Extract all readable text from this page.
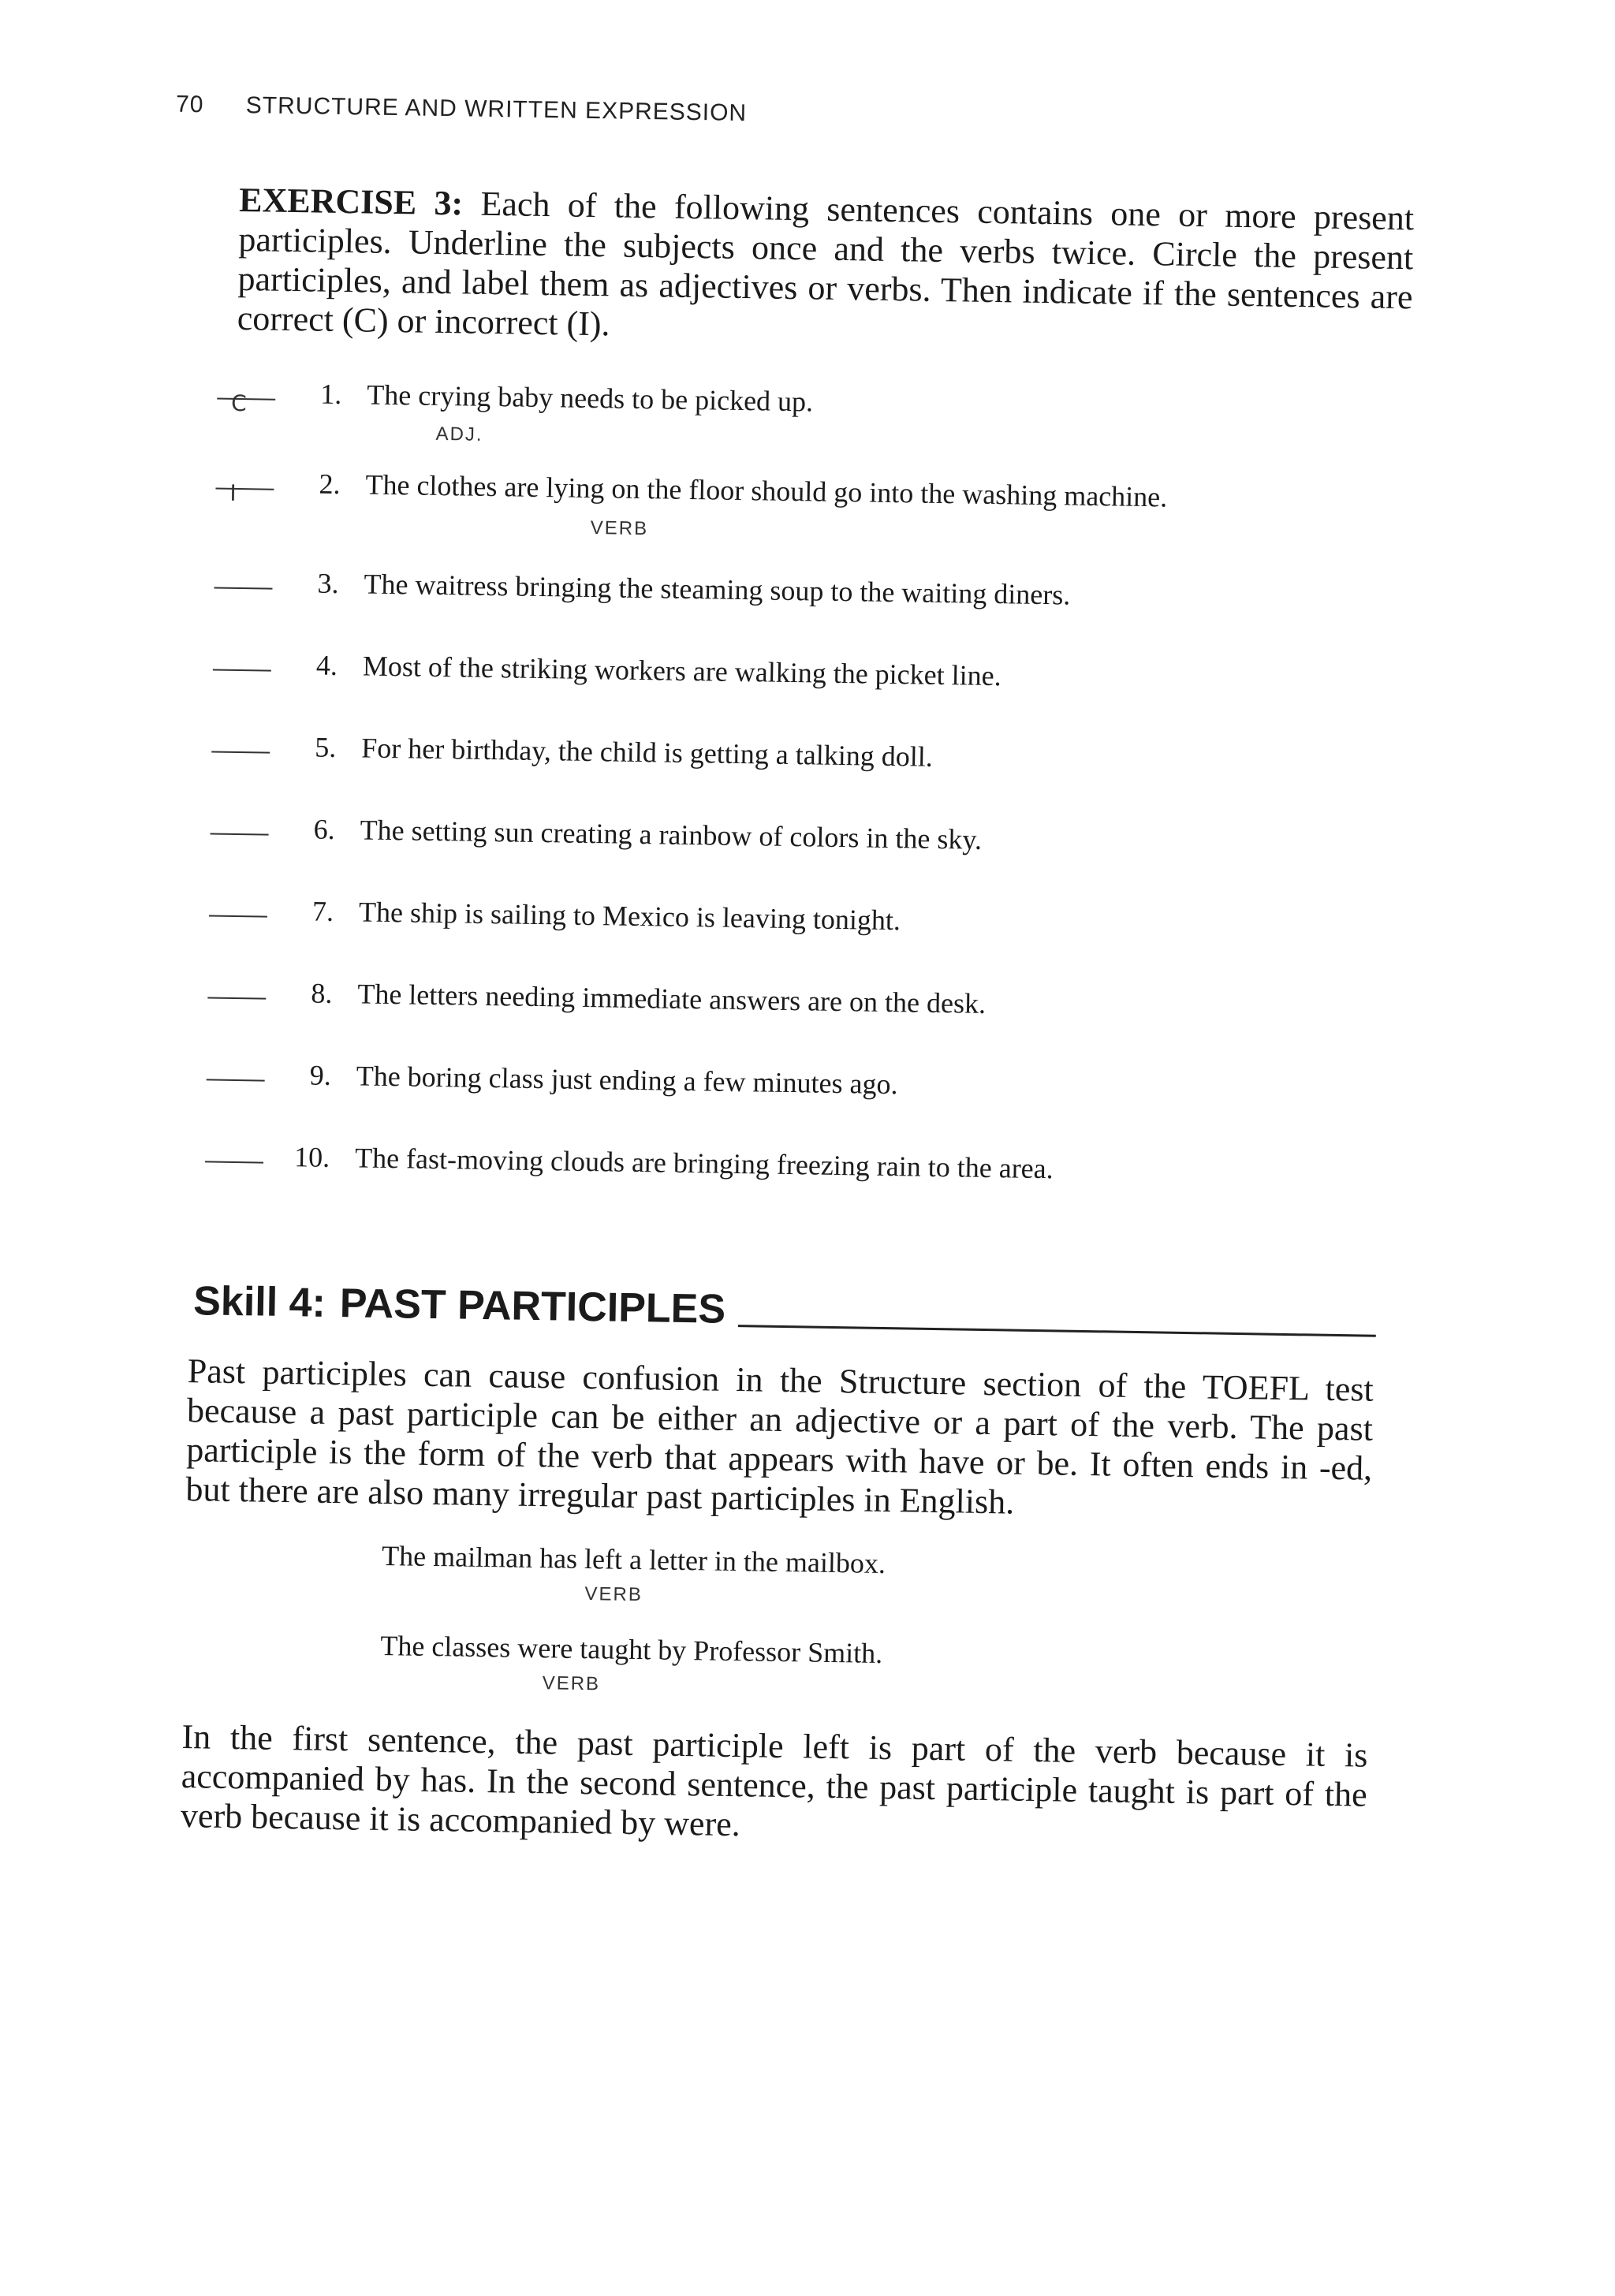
70 STRUCTURE AND WRITTEN EXPRESSION
EXERCISE 3: Each of the following sentences contains one or more present participles. Underline the subjects once and the verbs twice. Circle the present participles, and label them as adjectives or verbs. Then indicate if the sentences are correct (C) or incorrect (I).
C	1. The crying baby needs to be picked up.
ADJ.
I	2. The clothes are lying on the floor should go into the washing machine.
VERB
3. The waitress bringing the steaming soup to the waiting diners.
4. Most of the striking workers are walking the picket line.
5. For her birthday, the child is getting a talking doll.
6. The setting sun creating a rainbow of colors in the sky.
7. The ship is sailing to Mexico is leaving tonight.
8. The letters needing immediate answers are on the desk.
9. The boring class just ending a few minutes ago.
10. The fast-moving clouds are bringing freezing rain to the area.
Skill 4: PAST PARTICIPLES
Past participles can cause confusion in the Structure section of the TOEFL test because a past participle can be either an adjective or a part of the verb. The past participle is the form of the verb that appears with have or be. It often ends in -ed, but there are also many irregular past participles in English.
The mailman has left a letter in the mailbox.
VERB
The classes were taught by Professor Smith.
VERB
In the first sentence, the past participle left is part of the verb because it is accompanied by has. In the second sentence, the past participle taught is part of the verb because it is accompanied by were.
